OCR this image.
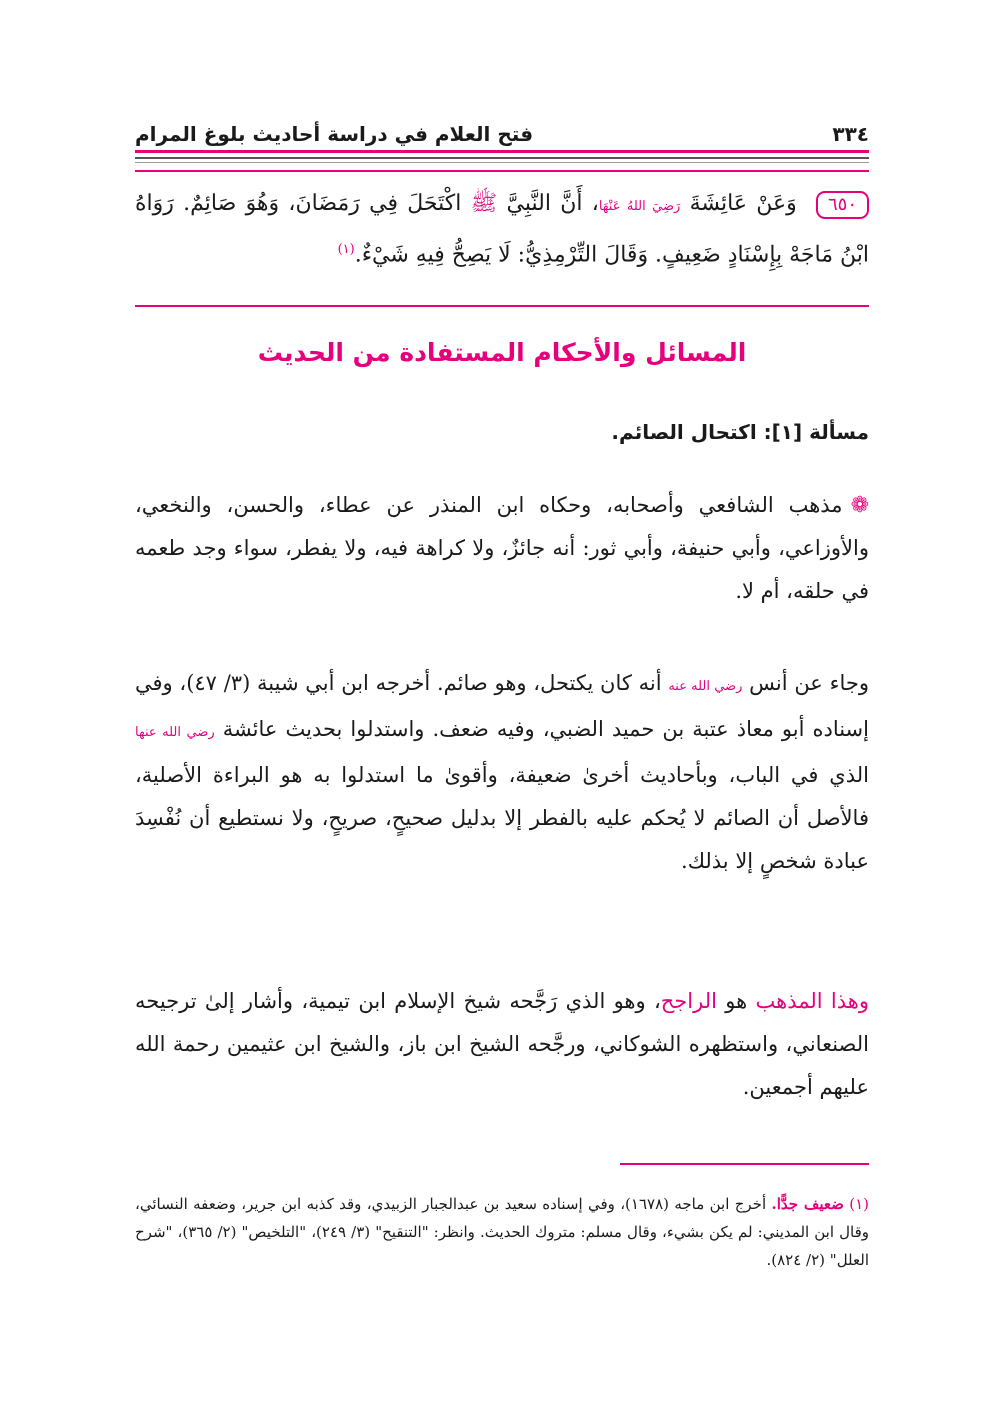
٣٣٤
فتح العلام في دراسة أحاديث بلوغ المرام
٦٥٠ وَعَنْ عَائِشَةَ رَضِيَ اللهُ عَنْهَا، أَنَّ النَّبِيَّ ﷺ اكْتَحَلَ فِي رَمَضَانَ، وَهُوَ صَائِمٌ. رَوَاهُ ابْنُ مَاجَهْ بِإِسْنَادٍ ضَعِيفٍ. وَقَالَ التِّرْمِذِيُّ: لَا يَصِحُّ فِيهِ شَيْءٌ.$^{(١)}$
المسائل والأحكام المستفادة من الحديث
مسألة [١]: اكتحال الصائم.
❁مذهب الشافعي وأصحابه، وحكاه ابن المنذر عن عطاء، والحسن، والنخعي، والأوزاعي، وأبي حنيفة، وأبي ثور: أنه جائزٌ، ولا كراهة فيه، ولا يفطر، سواء وجد طعمه في حلقه، أم لا.
وجاء عن أنس رضي الله عنه أنه كان يكتحل، وهو صائم. أخرجه ابن أبي شيبة (٣/ ٤٧)، وفي إسناده أبو معاذ عتبة بن حميد الضبي، وفيه ضعف. واستدلوا بحديث عائشة رضي الله عنها الذي في الباب، وبأحاديث أخرىٰ ضعيفة، وأقوىٰ ما استدلوا به هو البراءة الأصلية، فالأصل أن الصائم لا يُحكم عليه بالفطر إلا بدليل صحيحٍ، صريحٍ، ولا نستطيع أن نُفْسِدَ عبادة شخصٍ إلا بذلك.
وهذا المذهب هو الراجح، وهو الذي رَجَّحه شيخ الإسلام ابن تيمية، وأشار إلىٰ ترجيحه الصنعاني، واستظهره الشوكاني، ورجَّحه الشيخ ابن باز، والشيخ ابن عثيمين رحمة الله عليهم أجمعين.
(١) ضعيف جدًّا. أخرج ابن ماجه (١٦٧٨)، وفي إسناده سعيد بن عبدالجبار الزبيدي، وقد كذبه ابن جرير، وضعفه النسائي، وقال ابن المديني: لم يكن بشيء، وقال مسلم: متروك الحديث. وانظر: "التنقيح" (٣/ ٢٤٩)، "التلخيص" (٢/ ٣٦٥)، "شرح العلل" (٢/ ٨٢٤).
